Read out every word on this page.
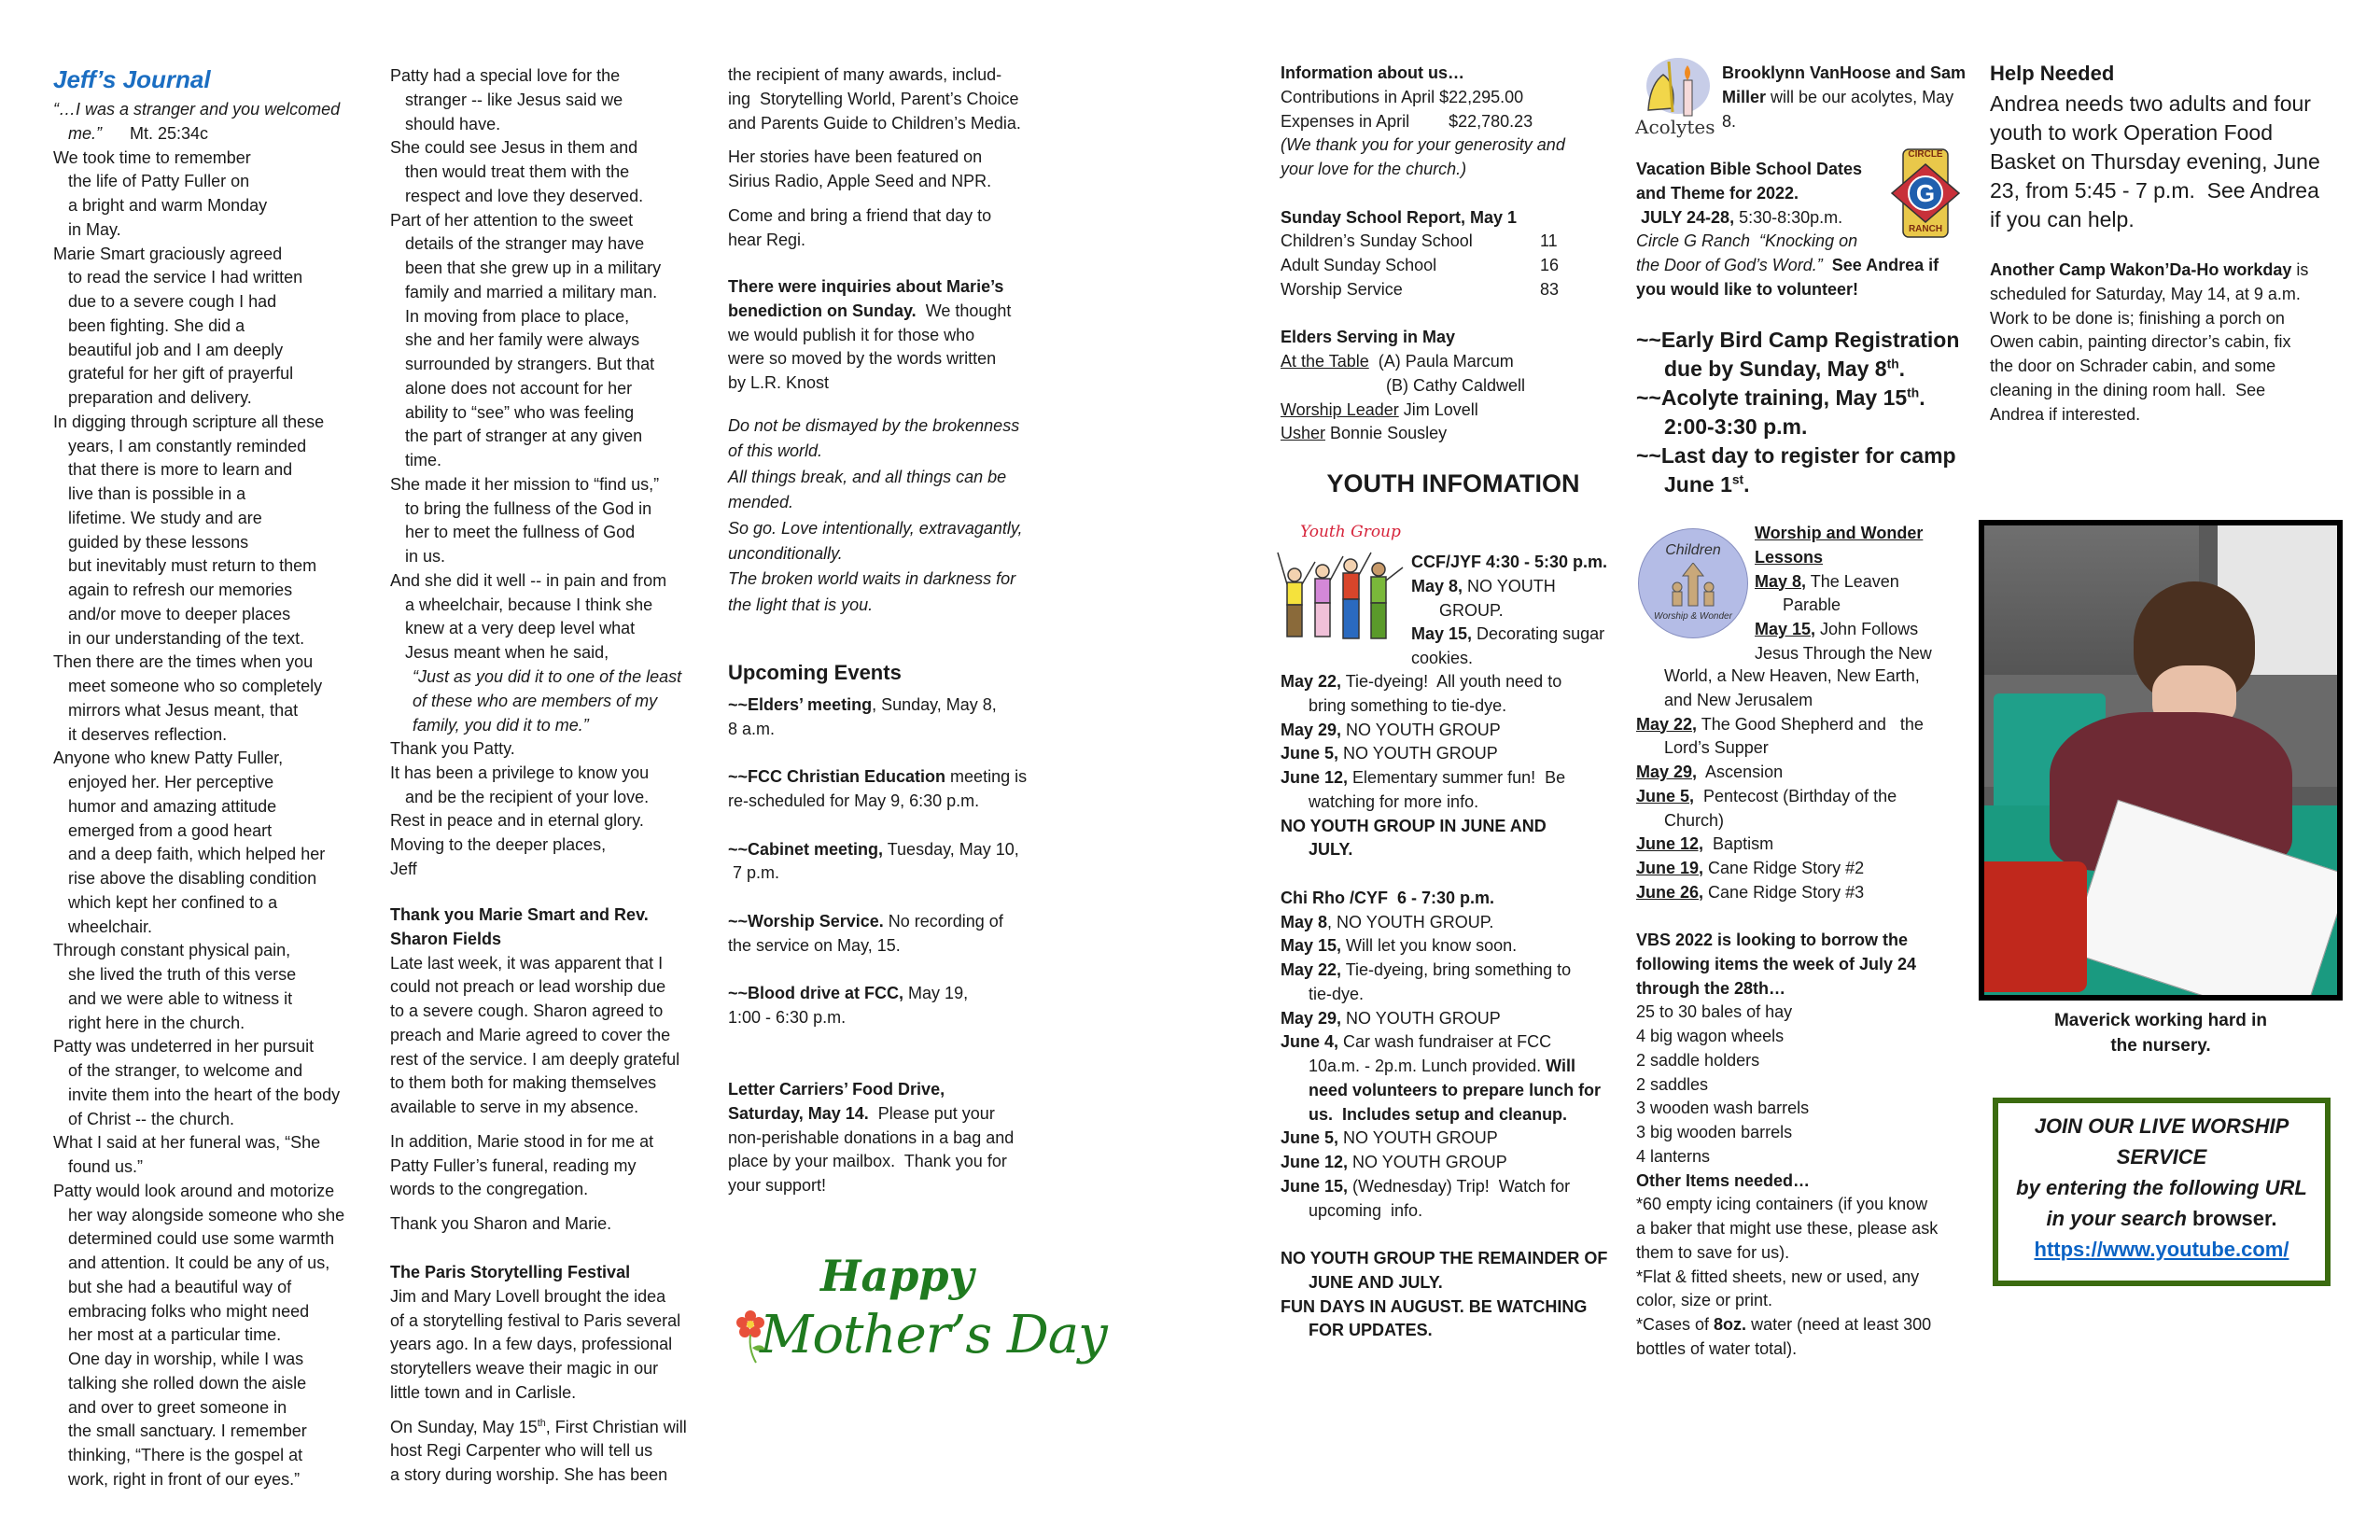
Jeff’s Journal
“…I was a stranger and you welcomed
me.”      Mt. 25:34c
We took time to remember
the life of Patty Fuller on
a bright and warm Monday
in May.
Marie Smart graciously agreed
to read the service I had written
due to a severe cough I had
been fighting. She did a
beautiful job and I am deeply
grateful for her gift of prayerful
preparation and delivery.
In digging through scripture all these
years, I am constantly reminded
that there is more to learn and
live than is possible in a
lifetime. We study and are
guided by these lessons
but inevitably must return to them
again to refresh our memories
and/or move to deeper places
in our understanding of the text.
Then there are the times when you
meet someone who so completely
mirrors what Jesus meant, that
it deserves reflection.
Anyone who knew Patty Fuller,
enjoyed her. Her perceptive
humor and amazing attitude
emerged from a good heart
and a deep faith, which helped her
rise above the disabling condition
which kept her confined to a
wheelchair.
Through constant physical pain,
she lived the truth of this verse
and we were able to witness it
right here in the church.
Patty was undeterred in her pursuit
of the stranger, to welcome and
invite them into the heart of the body
of Christ -- the church.
What I said at her funeral was, “She
found us.”
Patty would look around and motorize
her way alongside someone who she
determined could use some warmth
and attention. It could be any of us,
but she had a beautiful way of
embracing folks who might need
her most at a particular time.
One day in worship, while I was
talking she rolled down the aisle
and over to greet someone in
the small sanctuary. I remember
thinking, “There is the gospel at
work, right in front of our eyes.”
Patty had a special love for the
stranger -- like Jesus said we
should have.
She could see Jesus in them and
then would treat them with the
respect and love they deserved.
Part of her attention to the sweet
details of the stranger may have
been that she grew up in a military
family and married a military man.
In moving from place to place,
she and her family were always
surrounded by strangers. But that
alone does not account for her
ability to “see” who was feeling
the part of stranger at any given
time.
She made it her mission to “find us,”
to bring the fullness of the God in
her to meet the fullness of God
in us.
And she did it well -- in pain and from
a wheelchair, because I think she
knew at a very deep level what
Jesus meant when he said,
“Just as you did it to one of the least
of these who are members of my
family, you did it to me.”
Thank you Patty.
It has been a privilege to know you
and be the recipient of your love.
Rest in peace and in eternal glory.
Moving to the deeper places,
Jeff
Thank you Marie Smart and Rev.
Sharon Fields
Late last week, it was apparent that I
could not preach or lead worship due
to a severe cough. Sharon agreed to
preach and Marie agreed to cover the
rest of the service. I am deeply grateful
to them both for making themselves
available to serve in my absence.
In addition, Marie stood in for me at
Patty Fuller’s funeral, reading my
words to the congregation.
Thank you Sharon and Marie.
The Paris Storytelling Festival
Jim and Mary Lovell brought the idea
of a storytelling festival to Paris several
years ago. In a few days, professional
storytellers weave their magic in our
little town and in Carlisle.
On Sunday, May 15th, First Christian will
host Regi Carpenter who will tell us
a story during worship. She has been
the recipient of many awards, includ-
ing  Storytelling World, Parent’s Choice
and Parents Guide to Children’s Media.
Her stories have been featured on
Sirius Radio, Apple Seed and NPR.
Come and bring a friend that day to
hear Regi.
There were inquiries about Marie’s
benediction on Sunday.  We thought
we would publish it for those who
were so moved by the words written
by L.R. Knost
Do not be dismayed by the brokenness
of this world.
All things break, and all things can be
mended.
So go. Love intentionally, extravagantly,
unconditionally.
The broken world waits in darkness for
the light that is you.
Upcoming Events
~~Elders’ meeting, Sunday, May 8,
8 a.m.
~~FCC Christian Education meeting is
re-scheduled for May 9, 6:30 p.m.
~~Cabinet meeting, Tuesday, May 10,
7 p.m.
~~Worship Service. No recording of
the service on May, 15.
~~Blood drive at FCC, May 19,
1:00 - 6:30 p.m.
Letter Carriers’ Food Drive,
Saturday, May 14.  Please put your
non-perishable donations in a bag and
place by your mailbox.  Thank you for
your support!
Happy
Mother’s Day
Information about us…
Contributions in April $22,295.00
Expenses in April $22,780.23
(We thank you for your generosity and
your love for the church.)
Sunday School Report, May 1
Children’s Sunday School	11
Adult Sunday School	16
Worship Service	83
Elders Serving in May
At the Table  (A) Paula Marcum
(B) Cathy Caldwell
Worship Leader Jim Lovell
Usher Bonnie Sousley
YOUTH INFOMATION
Youth Group
CCF/JYF 4:30 - 5:30 p.m.
May 8, NO YOUTH
GROUP.
May 15, Decorating sugar
cookies.
May 22, Tie-dyeing!  All youth need to
bring something to tie-dye.
May 29, NO YOUTH GROUP
June 5, NO YOUTH GROUP
June 12, Elementary summer fun!  Be
watching for more info.
NO YOUTH GROUP IN JUNE AND
JULY.
Chi Rho /CYF  6 - 7:30 p.m.
May 8, NO YOUTH GROUP.
May 15, Will let you know soon.
May 22, Tie-dyeing, bring something to
tie-dye.
May 29, NO YOUTH GROUP
June 4, Car wash fundraiser at FCC
10a.m. - 2p.m. Lunch provided. Will
need volunteers to prepare lunch for
us.  Includes setup and cleanup.
June 5, NO YOUTH GROUP
June 12, NO YOUTH GROUP
June 15, (Wednesday) Trip!  Watch for
upcoming  info.
NO YOUTH GROUP THE REMAINDER OF
JUNE AND JULY.
FUN DAYS IN AUGUST. BE WATCHING
FOR UPDATES.
Acolytes
Brooklynn VanHoose and Sam
Miller will be our acolytes, May
8.
CIRCLE
G
RANCH
Vacation Bible School Dates
and Theme for 2022.
JULY 24-28, 5:30-8:30p.m.
Circle G Ranch  “Knocking on
the Door of God’s Word.”  See Andrea if
you would like to volunteer!
~~Early Bird Camp Registration
due by Sunday, May 8th.
~~Acolyte training, May 15th.
2:00-3:30 p.m.
~~Last day to register for camp
June 1st.
Children
Worship & Wonder
Worship and Wonder
Lessons
May 8, The Leaven
Parable
May 15, John Follows
Jesus Through the New
World, a New Heaven, New Earth,
and New Jerusalem
May 22, The Good Shepherd and   the
Lord’s Supper
May 29,  Ascension
June 5,  Pentecost (Birthday of the
Church)
June 12,  Baptism
June 19, Cane Ridge Story #2
June 26, Cane Ridge Story #3
VBS 2022 is looking to borrow the
following items the week of July 24
through the 28th…
25 to 30 bales of hay
4 big wagon wheels
2 saddle holders
2 saddles
3 wooden wash barrels
3 big wooden barrels
4 lanterns
Other Items needed…
*60 empty icing containers (if you know
a baker that might use these, please ask
them to save for us).
*Flat & fitted sheets, new or used, any
color, size or print.
*Cases of 8oz. water (need at least 300
bottles of water total).
Help Needed
Andrea needs two adults and four
youth to work Operation Food
Basket on Thursday evening, June
23, from 5:45 - 7 p.m.  See Andrea
if you can help.
Another Camp Wakon’Da-Ho workday is
scheduled for Saturday, May 14, at 9 a.m.
Work to be done is; finishing a porch on
Owen cabin, painting director’s cabin, fix
the door on Schrader cabin, and some
cleaning in the dining room hall.  See
Andrea if interested.
Maverick working hard in
the nursery.
JOIN OUR LIVE WORSHIP
SERVICE
by entering the following URL
in your search browser.
https://www.youtube.com/
